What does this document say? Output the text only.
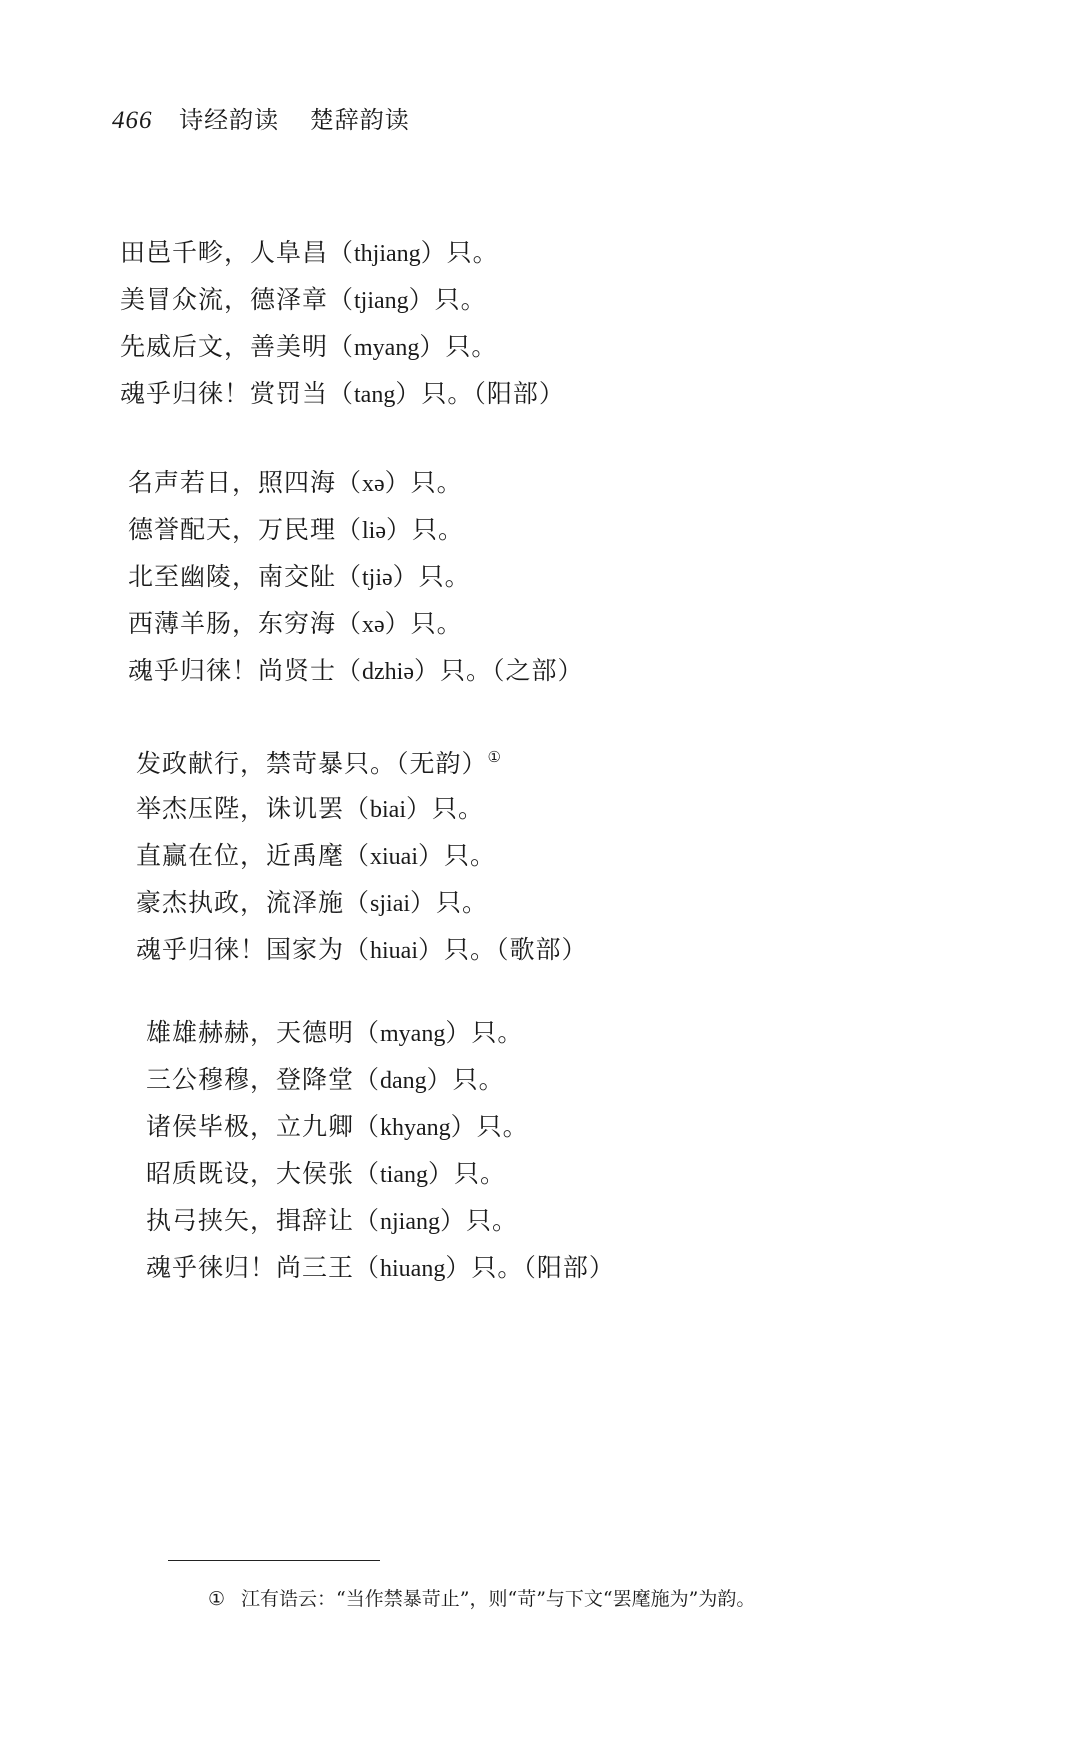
466 诗经韵读 楚辞韵读
田邑千畛，人阜昌（thjiang）只。
美冒众流，德泽章（tjiang）只。
先威后文，善美明（myang）只。
魂乎归徕！赏罚当（tang）只。（阳部）
名声若日，照四海（xə）只。
德誉配天，万民理（liə）只。
北至幽陵，南交阯（tjiə）只。
西薄羊肠，东穷海（xə）只。
魂乎归徕！尚贤士（dzhiə）只。（之部）
发政献行，禁苛暴只。（无韵）①
举杰压陛，诛讥罢（biai）只。
直赢在位，近禹麾（xiuai）只。
豪杰执政，流泽施（sjiai）只。
魂乎归徕！国家为（hiuai）只。（歌部）
雄雄赫赫，天德明（myang）只。
三公穆穆，登降堂（dang）只。
诸侯毕极，立九卿（khyang）只。
昭质既设，大侯张（tiang）只。
执弓挟矢，揖辞让（njiang）只。
魂乎徕归！尚三王（hiuang）只。（阳部）
① 江有诰云：“当作禁暴苛止”，则“苛”与下文“罢麾施为”为韵。
